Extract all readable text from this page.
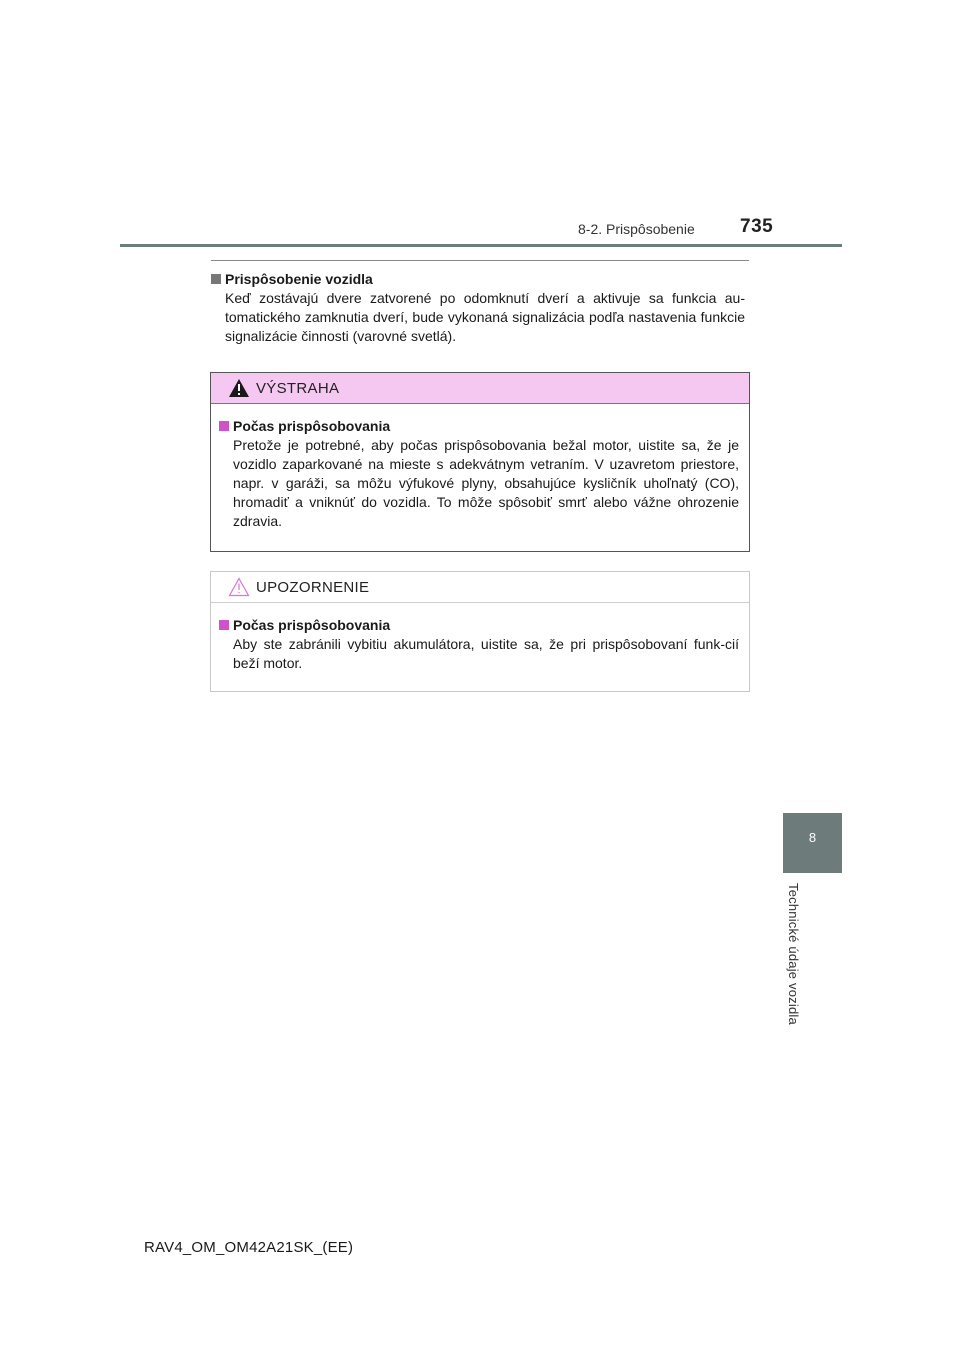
8-2. Prispôsobenie 735
Prispôsobenie vozidla
Keď zostávajú dvere zatvorené po odomknutí dverí a aktivuje sa funkcia au-tomatického zamknutia dverí, bude vykonaná signalizácia podľa nastavenia funkcie signalizácie činnosti (varovné svetlá).
VÝSTRAHA
Počas prispôsobovania
Pretože je potrebné, aby počas prispôsobovania bežal motor, uistite sa, že je vozidlo zaparkované na mieste s adekvátnym vetraním. V uzavretom priestore, napr. v garáži, sa môžu výfukové plyny, obsahujúce kysličník uhoľnatý (CO), hromadiť a vniknúť do vozidla. To môže spôsobiť smrť alebo vážne ohrozenie zdravia.
UPOZORNENIE
Počas prispôsobovania
Aby ste zabránili vybitiu akumulátora, uistite sa, že pri prispôsobovaní funk-cií beží motor.
8
Technické údaje vozidla
RAV4_OM_OM42A21SK_(EE)
